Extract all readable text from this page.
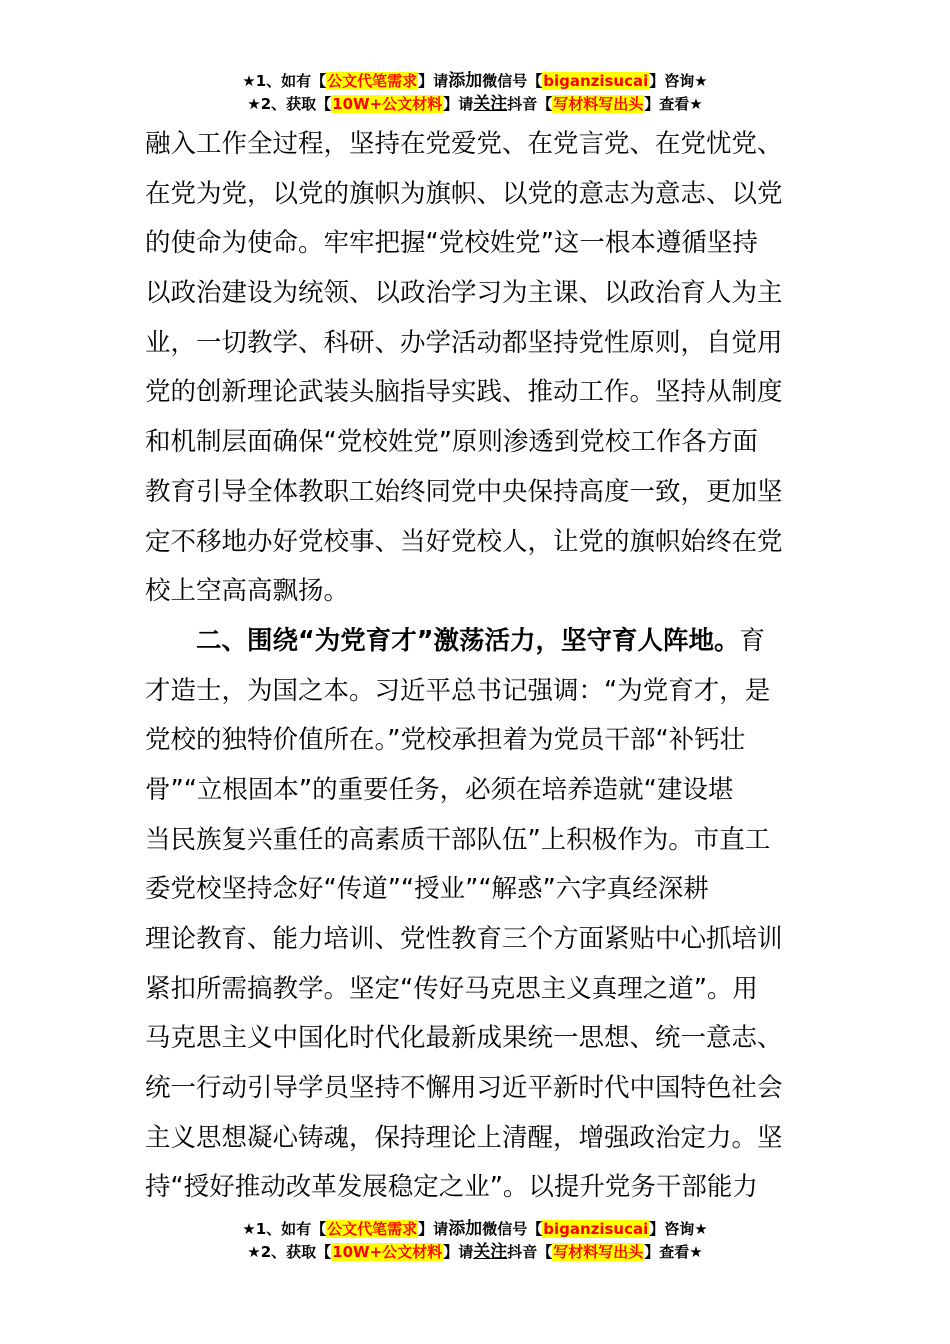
★1、如有【公文代笔需求】请添加微信号【biganzisucai】咨询★
★2、获取【10W+公文材料】请关注抖音【写材料写出头】查看★
融入工作全过程，坚持在党爱党、在党言党、在党忧党、
在党为党，以党的旗帜为旗帜、以党的意志为意志、以党
的使命为使命。牢牢把握“党校姓党”这一根本遵循坚持
以政治建设为统领、以政治学习为主课、以政治育人为主
业，一切教学、科研、办学活动都坚持党性原则，自觉用
党的创新理论武装头脑指导实践、推动工作。坚持从制度
和机制层面确保“党校姓党”原则渗透到党校工作各方面
教育引导全体教职工始终同党中央保持高度一致，更加坚
定不移地办好党校事、当好党校人，让党的旗帜始终在党
校上空高高飘扬。
二、围绕“为党育才”激荡活力，坚守育人阵地。育
才造士，为国之本。习近平总书记强调：“为党育才，是
党校的独特价值所在。”党校承担着为党员干部“补钙壮
骨”“立根固本”的重要任务，必须在培养造就“建设堪
当民族复兴重任的高素质干部队伍”上积极作为。市直工
委党校坚持念好“传道”“授业”“解惑”六字真经深耕
理论教育、能力培训、党性教育三个方面紧贴中心抓培训
紧扣所需搞教学。坚定“传好马克思主义真理之道”。用
马克思主义中国化时代化最新成果统一思想、统一意志、
统一行动引导学员坚持不懈用习近平新时代中国特色社会
主义思想凝心铸魂，保持理论上清醒，增强政治定力。坚
持“授好推动改革发展稳定之业”。以提升党务干部能力
★1、如有【公文代笔需求】请添加微信号【biganzisucai】咨询★
★2、获取【10W+公文材料】请关注抖音【写材料写出头】查看★
